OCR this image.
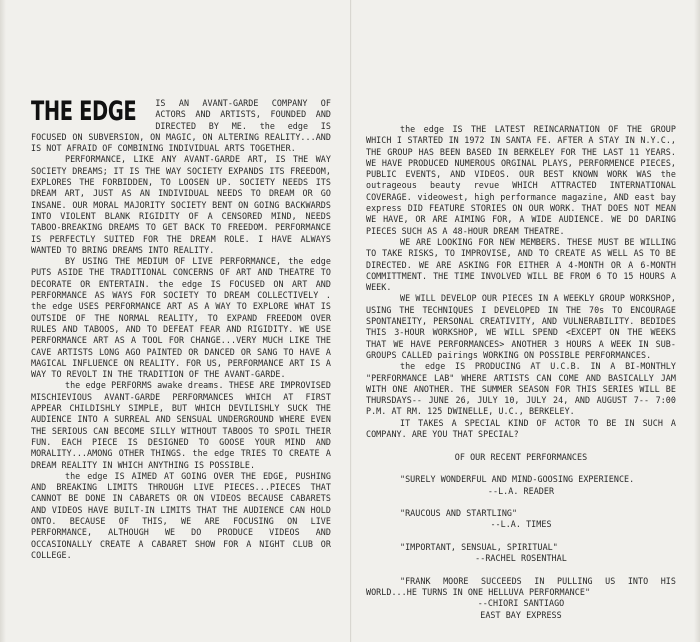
THE EDGE	IS AN AVANT-GARDE COMPANY OF ACTORS AND ARTISTS, FOUNDED AND DIRECTED BY ME. the edge IS FOCUSED ON SUBVERSION, ON MAGIC, ON ALTERING REALITY...AND IS NOT AFRAID OF COMBINING INDIVIDUAL ARTS TOGETHER.

PERFORMANCE, LIKE ANY AVANT-GARDE ART, IS THE WAY SOCIETY DREAMS; IT IS THE WAY SOCIETY EXPANDS ITS FREEDOM, EXPLORES THE FORBIDDEN, TO LOOSEN UP. SOCIETY NEEDS ITS DREAM ART, JUST AS AN INDIVIDUAL NEEDS TO DREAM OR GO INSANE. OUR MORAL MAJORITY SOCIETY BENT ON GOING BACKWARDS INTO VIOLENT BLANK RIGIDITY OF A CENSORED MIND, NEEDS TABOO-BREAKING DREAMS TO GET BACK TO FREEDOM. PERFORMANCE IS PERFECTLY SUITED FOR THE DREAM ROLE. I HAVE ALWAYS WANTED TO BRING DREAMS INTO REALITY.

BY USING THE MEDIUM OF LIVE PERFORMANCE, the edge PUTS ASIDE THE TRADITIONAL CONCERNS OF ART AND THEATRE TO DECORATE OR ENTERTAIN. the edge IS FOCUSED ON ART AND PERFORMANCE AS WAYS FOR SOCIETY TO DREAM COLLECTIVELY . the edge USES PERFORMANCE ART AS A WAY TO EXPLORE WHAT IS OUTSIDE OF THE NORMAL REALITY, TO EXPAND FREEDOM OVER RULES AND TABOOS, AND TO DEFEAT FEAR AND RIGIDITY. WE USE PERFORMANCE ART AS A TOOL FOR CHANGE...VERY MUCH LIKE THE CAVE ARTISTS LONG AGO PAINTED OR DANCED OR SANG TO HAVE A MAGICAL INFLUENCE ON REALITY. FOR US, PERFORMANCE ART IS A WAY TO REVOLT IN THE TRADITION OF THE AVANT-GARDE.

the edge PERFORMS awake dreams. THESE ARE IMPROVISED MISCHIEVIOUS AVANT-GARDE PERFORMANCES WHICH AT FIRST APPEAR CHILDISHLY SIMPLE, BUT WHICH DEVILISHLY SUCK THE AUDIENCE INTO A SURREAL AND SENSUAL UNDERGROUND WHERE EVEN THE SERIOUS CAN BECOME SILLY WITHOUT TABOOS TO SPOIL THEIR FUN. EACH PIECE IS DESIGNED TO GOOSE YOUR MIND AND MORALITY...AMONG OTHER THINGS. the edge TRIES TO CREATE A DREAM REALITY IN WHICH ANYTHING IS POSSIBLE.

the edge IS AIMED AT GOING OVER THE EDGE, PUSHING AND BREAKING LIMITS THROUGH LIVE PIECES...PIECES THAT CANNOT BE DONE IN CABARETS OR ON VIDEOS BECAUSE CABARETS AND VIDEOS HAVE BUILT-IN LIMITS THAT THE AUDIENCE CAN HOLD ONTO. BECAUSE OF THIS, WE ARE FOCUSING ON LIVE PERFORMANCE, ALTHOUGH WE DO PRODUCE VIDEOS AND OCCASIONALLY CREATE A CABARET SHOW FOR A NIGHT CLUB OR COLLEGE.

the edge IS THE LATEST REINCARNATION OF THE GROUP WHICH I STARTED IN 1972 IN SANTA FE. AFTER A STAY IN N.Y.C., THE GROUP HAS BEEN BASED IN BERKELEY FOR THE LAST 11 YEARS. WE HAVE PRODUCED NUMEROUS ORGINAL PLAYS, PERFORMENCE PIECES, PUBLIC EVENTS, AND VIDEOS. OUR BEST KNOWN WORK WAS the outrageous beauty revue WHICH ATTRACTED INTERNATIONAL COVERAGE. videowest, high performance magazine, AND east bay express DID FEATURE STORIES ON OUR WORK. THAT DOES NOT MEAN WE HAVE, OR ARE AIMING FOR, A WIDE AUDIENCE. WE DO DARING PIECES SUCH AS A 48-HOUR DREAM THEATRE.

WE ARE LOOKING FOR NEW MEMBERS. THESE MUST BE WILLING TO TAKE RISKS, TO IMPROVISE, AND TO CREATE AS WELL AS TO BE DIRECTED. WE ARE ASKING FOR EITHER A 4-MONTH OR A 6-MONTH COMMITTMENT. THE TIME INVOLVED WILL BE FROM 6 TO 15 HOURS A WEEK.

WE WILL DEVELOP OUR PIECES IN A WEEKLY GROUP WORKSHOP, USING THE TECHNIQUES I DEVELOPED IN THE 70s TO ENCOURAGE SPONTANEITY, PERSONAL CREATIVITY, AND VULNERABILITY. BEDIDES THIS 3-HOUR WORKSHOP, WE WILL SPEND <EXCEPT ON THE WEEKS THAT WE HAVE PERFORMANCES> ANOTHER 3 HOURS A WEEK IN SUB-GROUPS CALLED pairings WORKING ON POSSIBLE PERFORMANCES.

the edge IS PRODUCING AT U.C.B. IN A BI-MONTHLY "PERFORMANCE LAB" WHERE ARTISTS CAN COME AND BASICALLY JAM WITH ONE ANOTHER. THE SUMMER SEASON FOR THIS SERIES WILL BE THURSDAYS-- JUNE 26, JULY 10, JULY 24, AND AUGUST 7-- 7:00 P.M. AT RM. 125 DWINELLE, U.C., BERKELEY.

IT TAKES A SPECIAL KIND OF ACTOR TO BE IN SUCH A COMPANY. ARE YOU THAT SPECIAL?

OF OUR RECENT PERFORMANCES

"SURELY WONDERFUL AND MIND-GOOSING EXPERIENCE.

--L.A. READER

"RAUCOUS AND STARTLING"

--L.A. TIMES

"IMPORTANT, SENSUAL, SPIRITUAL"

--RACHEL ROSENTHAL

"FRANK MOORE SUCCEEDS IN PULLING US INTO HIS WORLD...HE TURNS IN ONE HELLUVA PERFORMANCE"

--CHIORI SANTIAGO

EAST BAY EXPRESS
